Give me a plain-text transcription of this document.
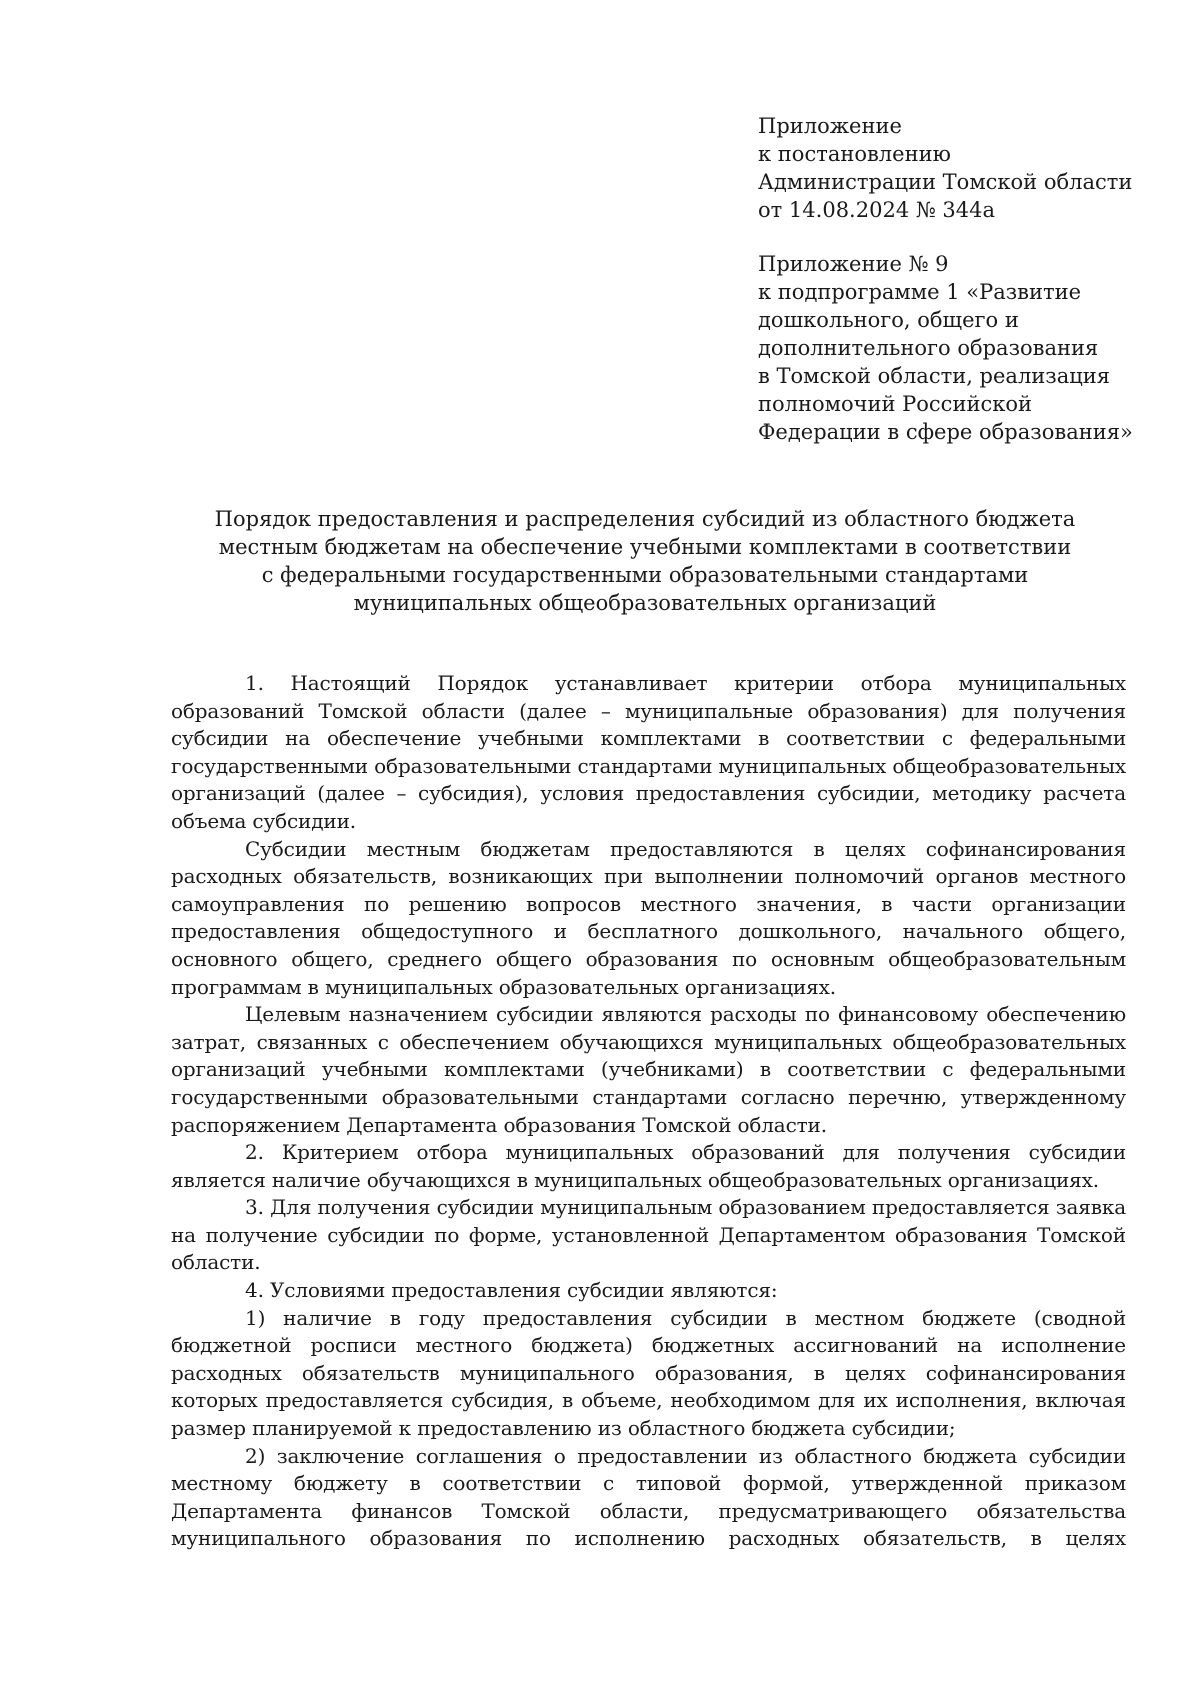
Приложение

к постановлению

Администрации Томской области

от 14.08.2024 № 344а

Приложение № 9

к подпрограмме 1 «Развитие

дошкольного, общего и

дополнительного образования

в Томской области, реализация

полномочий Российской

Федерации в сфере образования»

Порядок предоставления и распределения субсидий из областного бюджета

местным бюджетам на обеспечение учебными комплектами в соответствии

с федеральными государственными образовательными стандартами

муниципальных общеобразовательных организаций

1. Настоящий Порядок устанавливает критерии отбора муниципальных образований Томской области (далее – муниципальные образования) для получения субсидии на обеспечение учебными комплектами в соответствии с федеральными государственными образовательными стандартами муниципальных общеобразовательных организаций (далее – субсидия), условия предоставления субсидии, методику расчета объема субсидии.

Субсидии местным бюджетам предоставляются в целях софинансирования расходных обязательств, возникающих при выполнении полномочий органов местного самоуправления по решению вопросов местного значения, в части организации предоставления общедоступного и бесплатного дошкольного, начального общего, основного общего, среднего общего образования по основным общеобразовательным программам в муниципальных образовательных организациях.

Целевым назначением субсидии являются расходы по финансовому обеспечению затрат, связанных с обеспечением обучающихся муниципальных общеобразовательных организаций учебными комплектами (учебниками) в соответствии с федеральными государственными образовательными стандартами согласно перечню, утвержденному распоряжением Департамента образования Томской области.

2. Критерием отбора муниципальных образований для получения субсидии является наличие обучающихся в муниципальных общеобразовательных организациях.

3. Для получения субсидии муниципальным образованием предоставляется заявка на получение субсидии по форме, установленной Департаментом образования Томской области.

4. Условиями предоставления субсидии являются:

1) наличие в году предоставления субсидии в местном бюджете (сводной бюджетной росписи местного бюджета) бюджетных ассигнований на исполнение расходных обязательств муниципального образования, в целях софинансирования которых предоставляется субсидия, в объеме, необходимом для их исполнения, включая размер планируемой к предоставлению из областного бюджета субсидии;

2) заключение соглашения о предоставлении из областного бюджета субсидии местному бюджету в соответствии с типовой формой, утвержденной приказом Департамента финансов Томской области, предусматривающего обязательства муниципального образования по исполнению расходных обязательств, в целях
